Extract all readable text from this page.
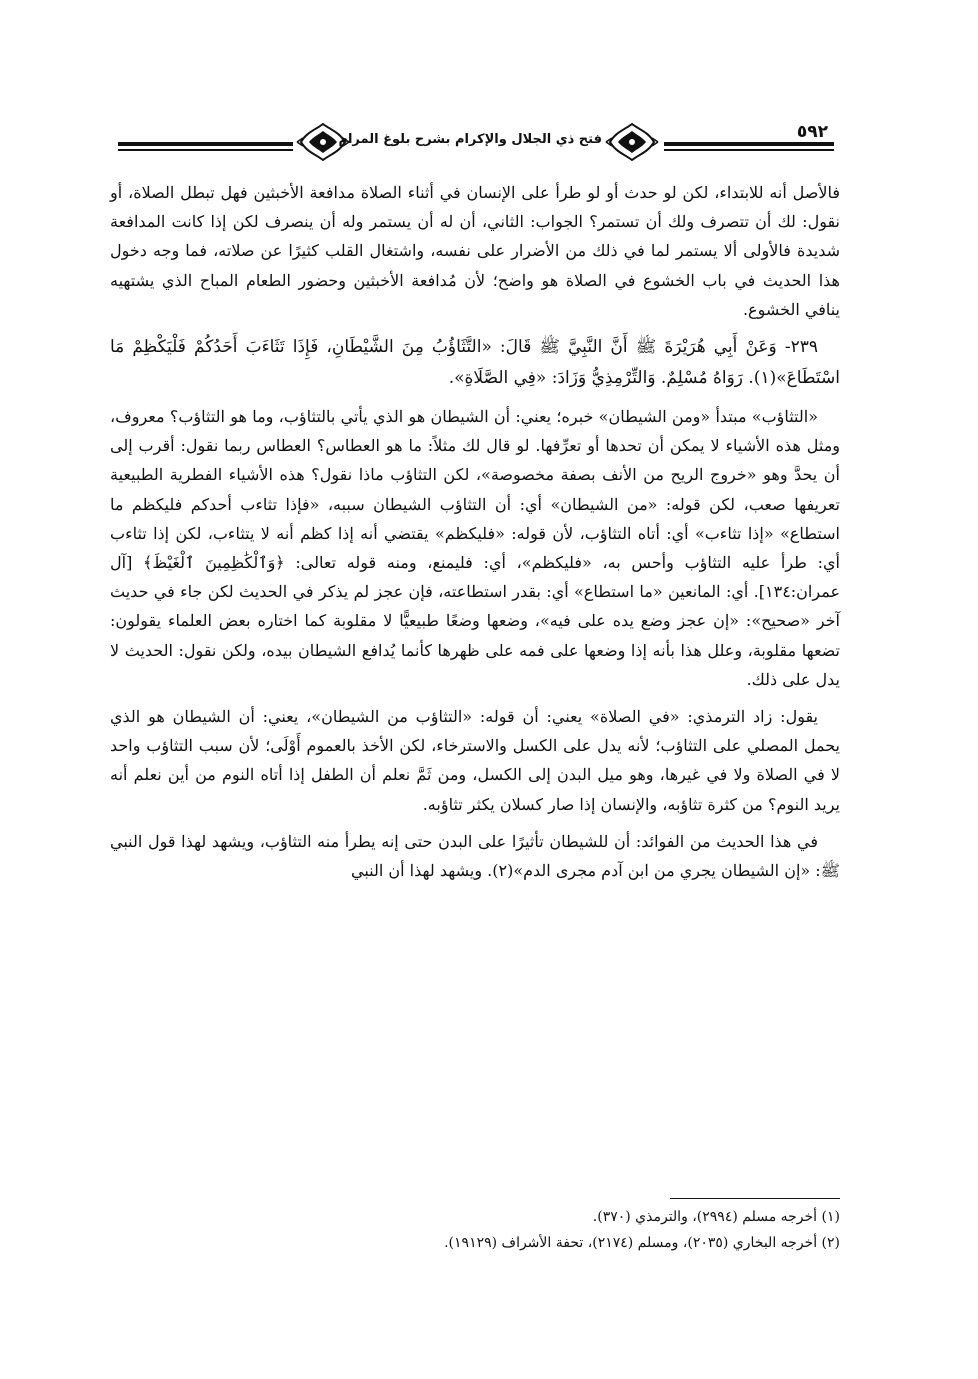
فتح ذي الجلال والإكرام بشرح بلوغ المرام	٥٩٢

فالأصل أنه للابتداء، لكن لو حدث أو لو طرأ على الإنسان في أثناء الصلاة مدافعة الأخبثين فهل تبطل الصلاة، أو نقول: لك أن تتصرف ولك أن تستمر؟ الجواب: الثاني، أن له أن يستمر وله أن ينصرف لكن إذا كانت المدافعة شديدة فالأولى ألا يستمر لما في ذلك من الأضرار على نفسه، واشتغال القلب كثيرًا عن صلاته، فما وجه دخول هذا الحديث في باب الخشوع في الصلاة هو واضح؛ لأن مُدافعة الأخبثين وحضور الطعام المباح الذي يشتهيه ينافي الخشوع.

٢٣٩- وَعَنْ أَبِي هُرَيْرَةَ ﷺ أَنَّ النَّبِيَّ ﷺ قَالَ: «التَّثَاؤُبُ مِنَ الشَّيْطَانِ، فَإِذَا تَثَاءَبَ أَحَدُكُمْ فَلْيَكْظِمْ مَا اسْتَطَاعَ»(١). رَوَاهُ مُسْلِمٌ. وَالتِّرْمِذِيُّ وَزَادَ: «فِي الصَّلَاةِ».

«التثاؤب» مبتدأ «ومن الشيطان» خبره؛ يعني: أن الشيطان هو الذي يأتي بالتثاؤب، وما هو التثاؤب؟ معروف، ومثل هذه الأشياء لا يمكن أن تحدها أو تعرِّفها. لو قال لك مثلاً: ما هو العطاس؟ العطاس ربما نقول: أقرب إلى أن يحدَّ وهو «خروج الريح من الأنف بصفة مخصوصة»، لكن التثاؤب ماذا نقول؟ هذه الأشياء الفطرية الطبيعية تعريفها صعب، لكن قوله: «من الشيطان» أي: أن التثاؤب الشيطان سببه، «فإذا تثاءب أحدكم فليكظم ما استطاع» «إذا تثاءب» أي: أتاه التثاؤب، لأن قوله: «فليكظم» يقتضي أنه إذا كظم أنه لا يتثاءب، لكن إذا تثاءب أي: طرأ عليه التثاؤب وأحس به، «فليكظم»، أي: فليمنع، ومنه قوله تعالى: ﴿وَٱلْكَٰظِمِينَ ٱلْغَيْظَ﴾ [آل عمران:١٣٤]. أي: المانعين «ما استطاع» أي: بقدر استطاعته، فإن عجز لم يذكر في الحديث لكن جاء في حديث آخر «صحيح»: «إن عجز وضع يده على فيه»، وضعها وضعًا طبيعيًّا لا مقلوبة كما اختاره بعض العلماء يقولون: تضعها مقلوبة، وعلل هذا بأنه إذا وضعها على فمه على ظهرها كأنما يُدافع الشيطان بيده، ولكن نقول: الحديث لا يدل على ذلك.

يقول: زاد الترمذي: «في الصلاة» يعني: أن قوله: «التثاؤب من الشيطان»، يعني: أن الشيطان هو الذي يحمل المصلي على التثاؤب؛ لأنه يدل على الكسل والاسترخاء، لكن الأخذ بالعموم أَوْلَى؛ لأن سبب التثاؤب واحد لا في الصلاة ولا في غيرها، وهو ميل البدن إلى الكسل، ومن ثَمَّ نعلم أن الطفل إذا أتاه النوم من أين نعلم أنه يريد النوم؟ من كثرة تثاؤبه، والإنسان إذا صار كسلان يكثر تثاؤبه.

في هذا الحديث من الفوائد: أن للشيطان تأثيرًا على البدن حتى إنه يطرأ منه التثاؤب، ويشهد لهذا قول النبي ﷺ: «إن الشيطان يجري من ابن آدم مجرى الدم»(٢). ويشهد لهذا أن النبي

(١) أخرجه مسلم (٢٩٩٤)، والترمذي (٣٧٠).
(٢) أخرجه البخاري (٢٠٣٥)، ومسلم (٢١٧٤)، تحفة الأشراف (١٩١٢٩).
